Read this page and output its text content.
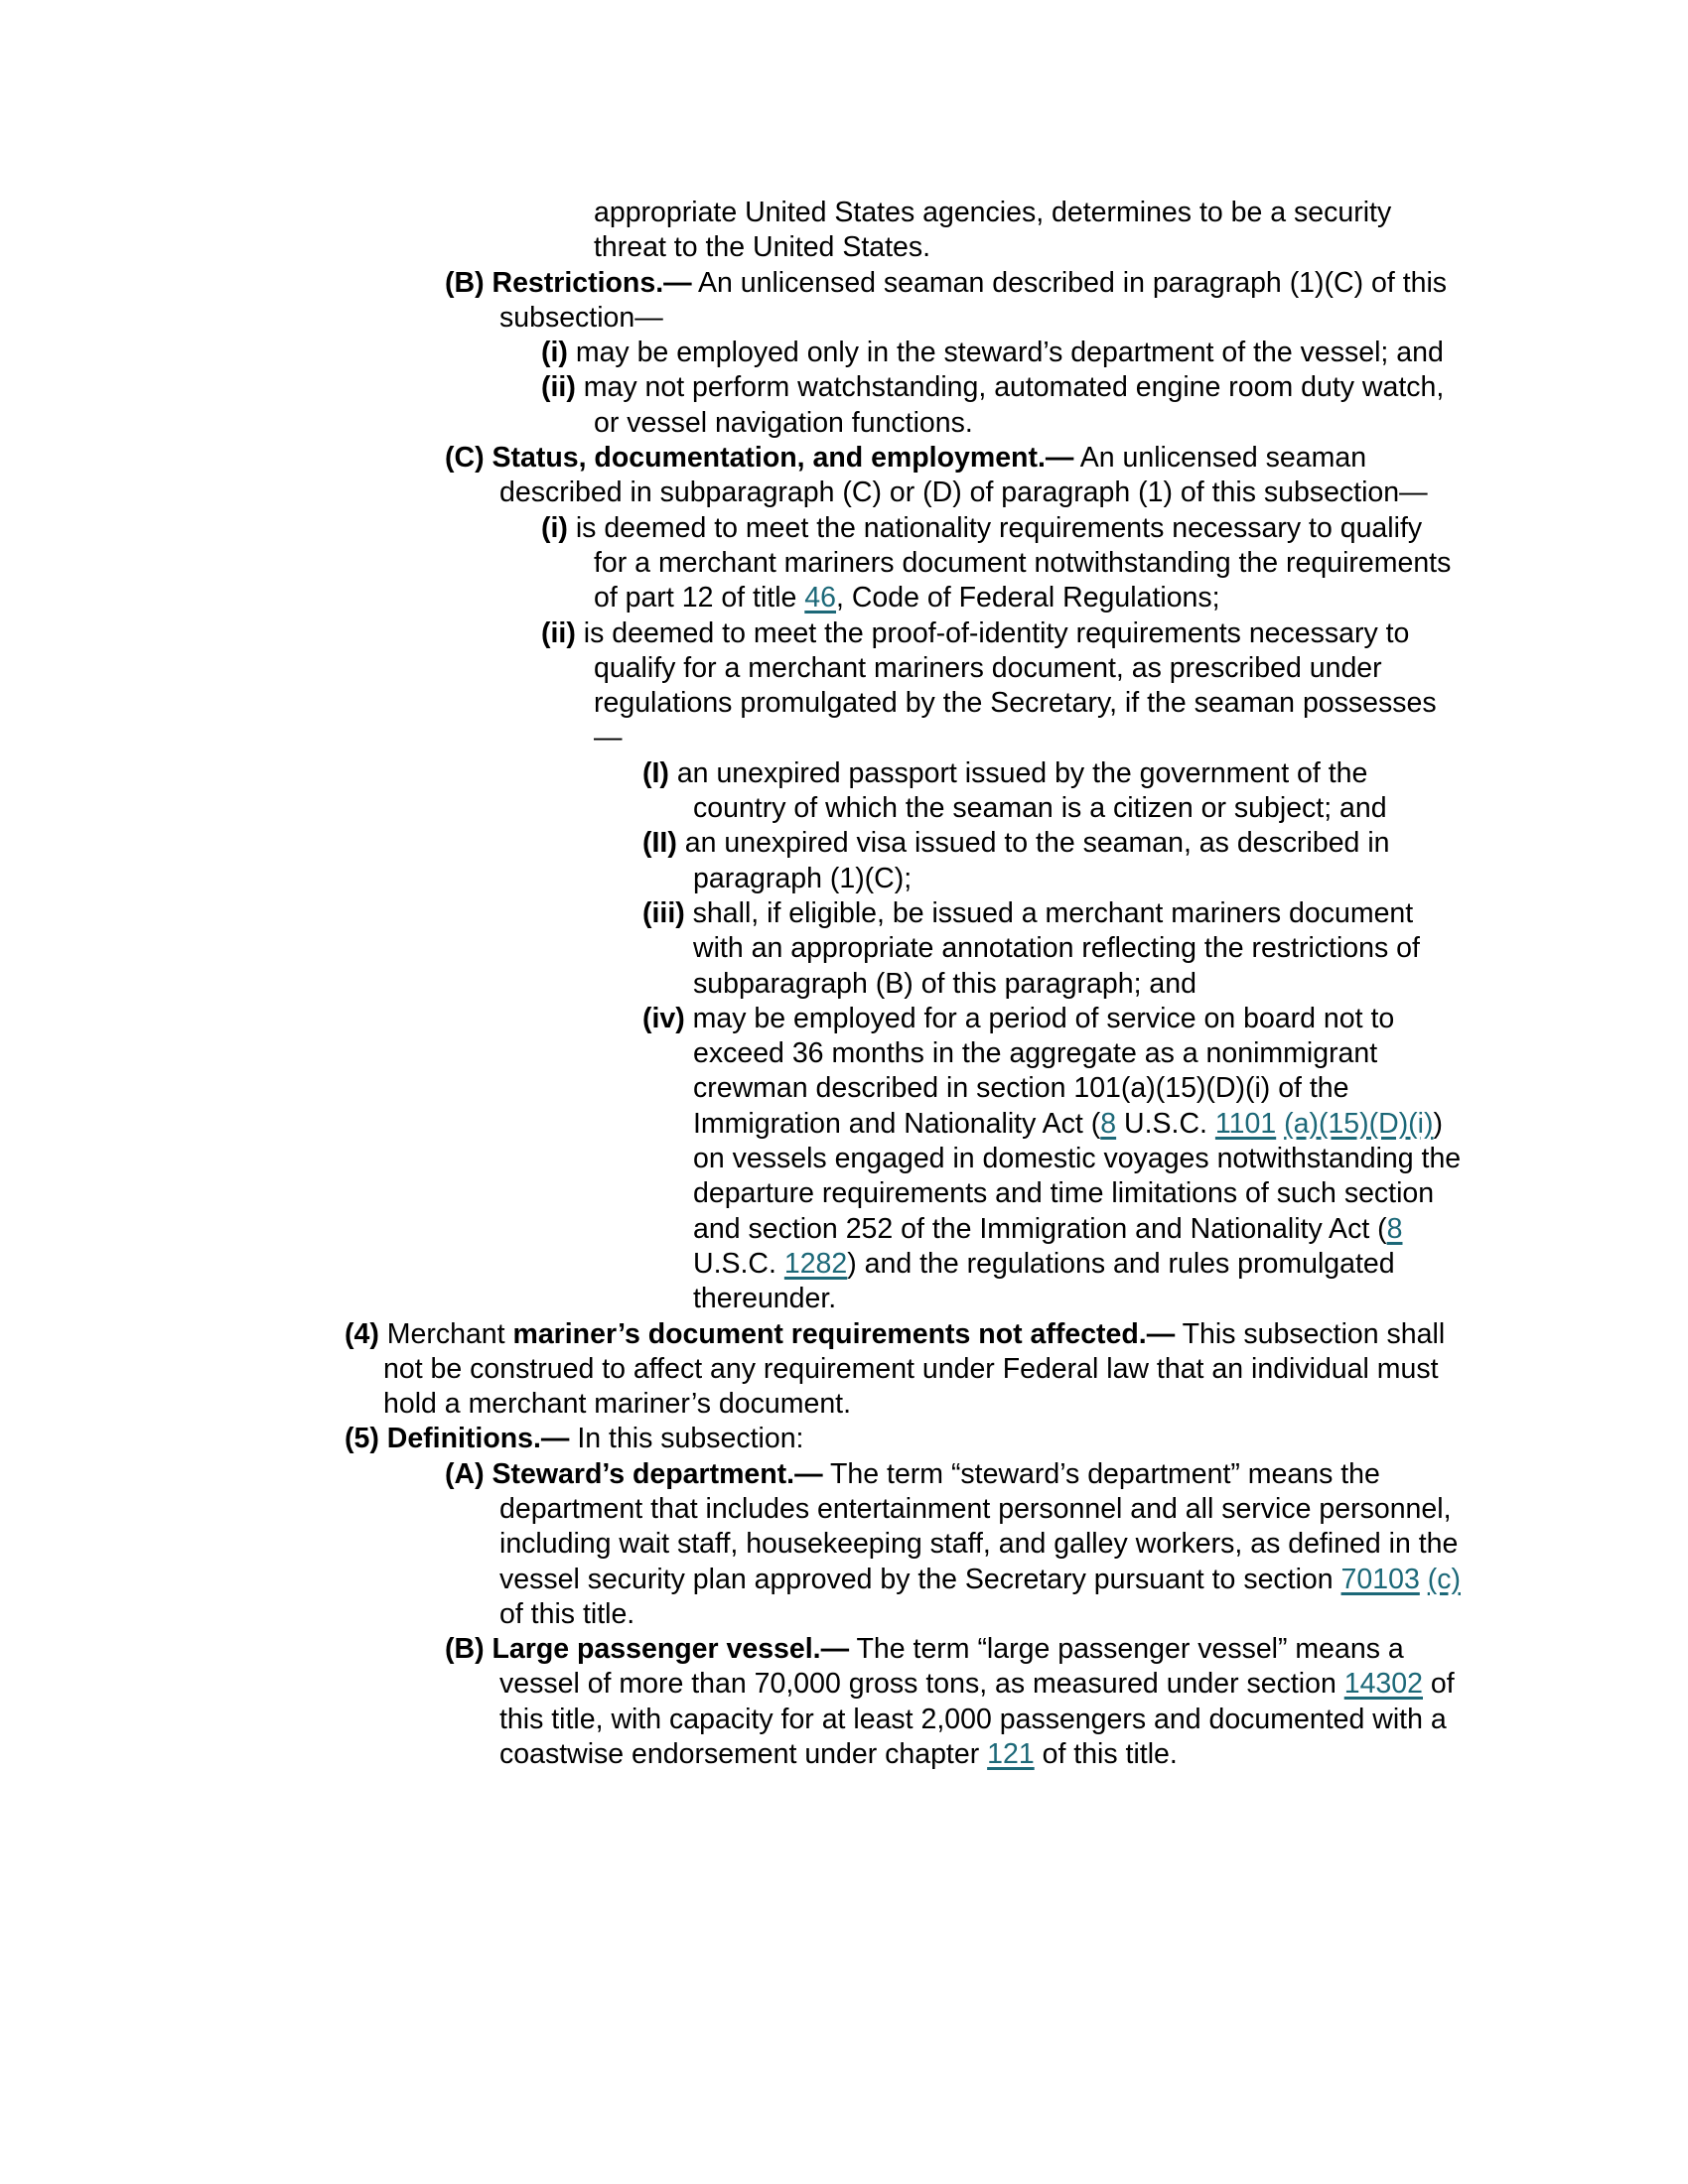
appropriate United States agencies, determines to be a security threat to the United States.

(B) Restrictions.— An unlicensed seaman described in paragraph (1)(C) of this subsection—

(i) may be employed only in the steward’s department of the vessel; and

(ii) may not perform watchstanding, automated engine room duty watch, or vessel navigation functions.

(C) Status, documentation, and employment.— An unlicensed seaman described in subparagraph (C) or (D) of paragraph (1) of this subsection—

(i) is deemed to meet the nationality requirements necessary to qualify for a merchant mariners document notwithstanding the requirements of part 12 of title 46, Code of Federal Regulations;

(ii) is deemed to meet the proof-of-identity requirements necessary to qualify for a merchant mariners document, as prescribed under regulations promulgated by the Secretary, if the seaman possesses—

(I) an unexpired passport issued by the government of the country of which the seaman is a citizen or subject; and

(II) an unexpired visa issued to the seaman, as described in paragraph (1)(C);

(iii) shall, if eligible, be issued a merchant mariners document with an appropriate annotation reflecting the restrictions of subparagraph (B) of this paragraph; and

(iv) may be employed for a period of service on board not to exceed 36 months in the aggregate as a nonimmigrant crewman described in section 101(a)(15)(D)(i) of the Immigration and Nationality Act (8 U.S.C. 1101 (a)(15)(D)(i)) on vessels engaged in domestic voyages notwithstanding the departure requirements and time limitations of such section and section 252 of the Immigration and Nationality Act (8 U.S.C. 1282) and the regulations and rules promulgated thereunder.

(4) Merchant mariner’s document requirements not affected.— This subsection shall not be construed to affect any requirement under Federal law that an individual must hold a merchant mariner’s document.

(5) Definitions.— In this subsection:

(A) Steward’s department.— The term “steward’s department” means the department that includes entertainment personnel and all service personnel, including wait staff, housekeeping staff, and galley workers, as defined in the vessel security plan approved by the Secretary pursuant to section 70103 (c) of this title.

(B) Large passenger vessel.— The term “large passenger vessel” means a vessel of more than 70,000 gross tons, as measured under section 14302 of this title, with capacity for at least 2,000 passengers and documented with a coastwise endorsement under chapter 121 of this title.
